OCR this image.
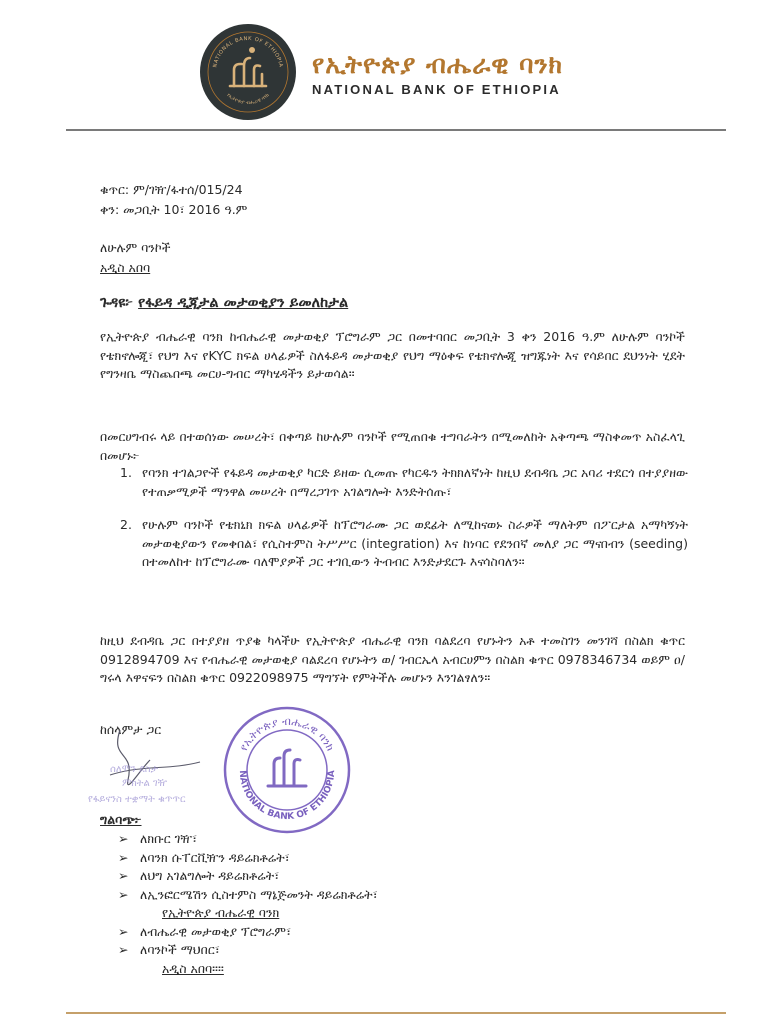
NATIONAL BANK OF ETHIOPIA
የኢትዮጵያ ብሔራዊ ባንክ
የኢትዮጵያ ብሔራዊ ባንክ
NATIONAL BANK OF ETHIOPIA
ቁጥር: ም/ገዥ/ፋተሰ/015/24
ቀን: መጋቢት 10፣ 2016 ዓ.ም
ለሁሉም ባንኮች
አዲስ አበባ
ጉዳዩ፦ የፋይዳ ዲጂታል መታወቂያን ይመለከታል
የኢትዮጵያ ብሔራዊ ባንክ ከብሔራዊ መታወቂያ ፕሮግራም ጋር በመተባበር መጋቢት 3 ቀን 2016 ዓ.ም ለሁሉም ባንኮች የቴክኖሎጂ፣ የህግ እና የKYC ክፍል ሀላፊዎች ስለፋይዳ መታወቂያ የህግ ማዕቀፍ የቴክኖሎጂ ዝግጁነት እና የሳይበር ደህንነት ሂደት የግንዛቤ ማስጨበጫ መርሀ-ግብር ማካሄዳችን ይታወሳል።
በመርሀግብሩ ላይ በተወሰነው መሠረት፣ በቀጣይ ከሁሉም ባንኮች የሚጠበቁ ተግባራትን በሚመለከት አቅጣጫ ማስቀመጥ አስፈላጊ በመሆኑ፦
1. የባንክ ተገልጋዮች የፋይዳ መታወቂያ ካርድ ይዘው ሲመጡ የካርዱን ትክክለኛነት ከዚህ ደብዳቤ ጋር አባሪ ተደርጎ በተያያዘው የተጠቃሚዎች ማንዋል መሠረት በማረጋገጥ አገልግሎት እንድትሰጡ፣
2. የሁሉም ባንኮች የቴክኒክ ክፍል ሀላፊዎች ከፕሮግራሙ ጋር ወደፊት ለሚከናወኑ ስራዎች ማለትም በፖርታል አማካኝነት መታወቂያውን የመቀበል፣ የሲስተምስ ትሥሥር (integration) እና ከነባር የደንበኛ መለያ ጋር ማናበብን (seeding) በተመለከተ ከፕሮግራሙ ባለሞያዎች ጋር ተገቢውን ትብብር እንድታደርጉ እናሳስባለን።
ከዚህ ደብዳቤ ጋር በተያያዘ ጥያቄ ካላችሁ የኢትዮጵያ ብሔራዊ ባንክ ባልደረባ የሆኑትን አቶ ተመስገን መንገሻ በስልክ ቁጥር 0912894709 እና የብሔራዊ መታወቂያ ባልደረባ የሆኑትን ወ/ ገብርኤላ አብርሀምን በስልክ ቁጥር 0978346734 ወይም ዐ/ ግሩላ እዋናፍን በስልክ ቁጥር 0922098975 ማግኘት የምትችሉ መሆኑን እንገልፃለን።
ከሰላምታ ጋር
ሰለሞን ደስታ
ምክትል ገዥ
የፋይናንስ ተቋማት ቁጥጥር
የኢትዮጵያ ብሔራዊ ባንክ
NATIONAL BANK OF ETHIOPIA
ግልባጭ፦
➢ ለክቡር ገዥ፣
➢ ለባንክ ሱፐርቪዥን ዳይሬክቶሬት፣
➢ ለህግ አገልግሎት ዳይሬክቶሬት፣
➢ ለኢንፎርሜሽን ሲስተምስ ማኔጅመንት ዳይሬክቶሬት፣
የኢትዮጵያ ብሔራዊ ባንክ
➢ ለብሔራዊ መታወቂያ ፕሮግራም፣
➢ ለባንኮች ማህበር፣
አዲስ አበባ።።
